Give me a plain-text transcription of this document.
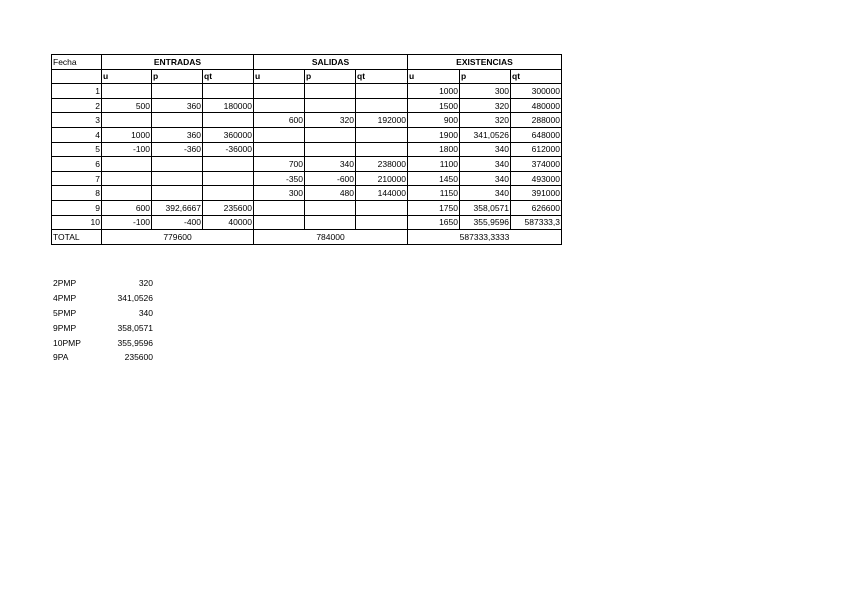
Fecha	ENTRADAS			SALIDAS			EXISTENCIAS		
	u	p	qt	u	p	qt	u	p	qt
1							1000	300	300000
2	500	360	180000				1500	320	480000
3				600	320	192000	900	320	288000
4	1000	360	360000				1900	341,0526	648000
5	-100	-360	-36000				1800	340	612000
6				700	340	238000	1100	340	374000
7				-350	-600	210000	1450	340	493000
8				300	480	144000	1150	340	391000
9	600	392,6667	235600				1750	358,0571	626600
10	-100	-400	40000				1650	355,9596	587333,3
TOTAL	779600			784000			587333,3333		
2PMP	320
4PMP	341,0526
5PMP	340
9PMP	358,0571
10PMP	355,9596
9PA	235600
